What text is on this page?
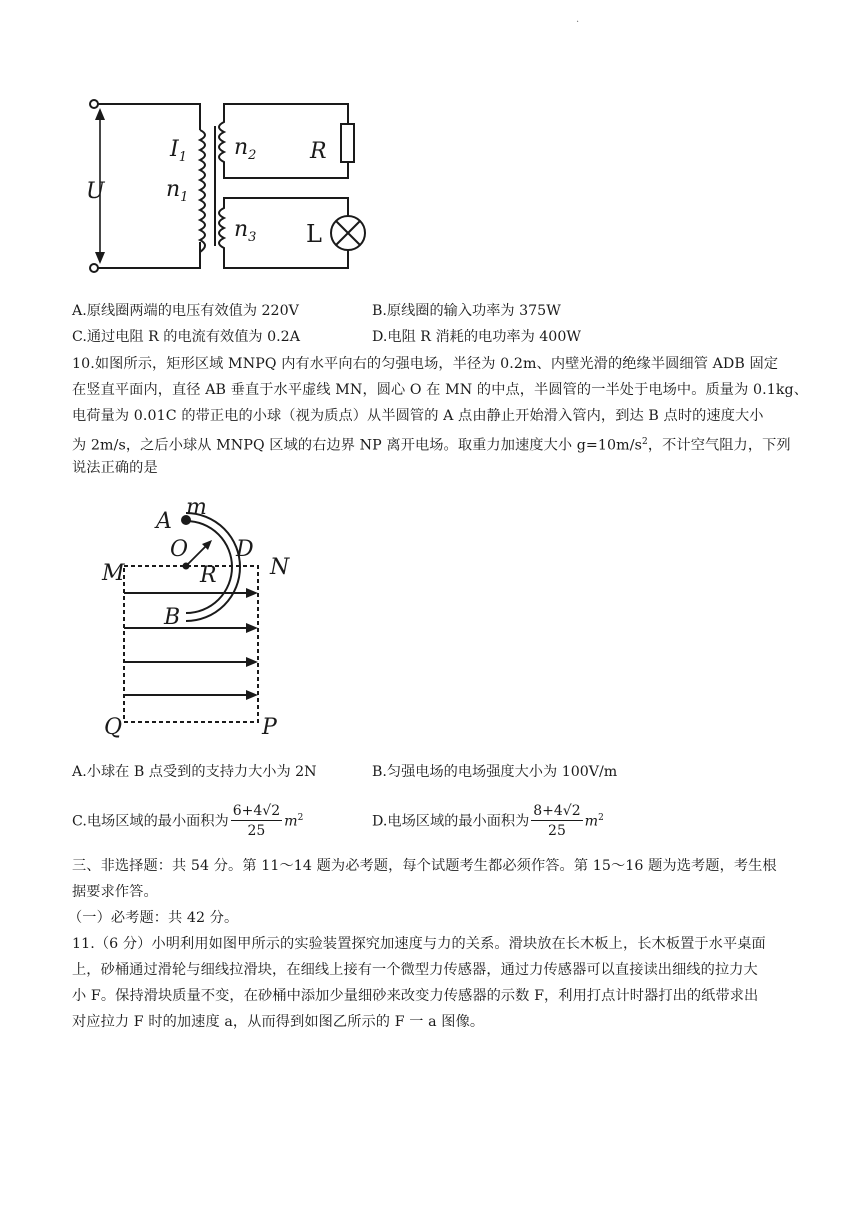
.
$I_1$
$n_1$
$n_2$
$n_3$
U
R
L
A.原线圈两端的电压有效值为 220V	B.原线圈的输入功率为 375W
C.通过电阻 R 的电流有效值为 0.2A	D.电阻 R 消耗的电功率为 400W
10.如图所示，矩形区域 MNPQ 内有水平向右的匀强电场，半径为 0.2m、内壁光滑的绝缘半圆细管 ADB 固定
在竖直平面内，直径 AB 垂直于水平虚线 MN，圆心 O 在 MN 的中点，半圆管的一半处于电场中。质量为 0.1kg、
电荷量为 0.01C 的带正电的小球（视为质点）从半圆管的 A 点由静止开始滑入管内，到达 B 点时的速度大小
为 2m/s，之后小球从 MNPQ 区域的右边界 NP 离开电场。取重力加速度大小 $g=10m/s^2$，不计空气阻力，下列
说法正确的是
A
m
O D
M	N
R
B
Q	P
A.小球在 B 点受到的支持力大小为 2N	B.匀强电场的电场强度大小为 100V/m
C.电场区域的最小面积为 $\frac{6+4√2}{25} m^2$	D.电场区域的最小面积为 $\frac{8+4√2}{25} m^2$
三、非选择题：共 54 分。第 11～14 题为必考题，每个试题考生都必须作答。第 15～16 题为选考题，考生根
据要求作答。
（一）必考题：共 42 分。
11.（6 分）小明利用如图甲所示的实验装置探究加速度与力的关系。滑块放在长木板上，长木板置于水平桌面
上，砂桶通过滑轮与细线拉滑块，在细线上接有一个微型力传感器，通过力传感器可以直接读出细线的拉力大
小 F。保持滑块质量不变，在砂桶中添加少量细砂来改变力传感器的示数 F，利用打点计时器打出的纸带求出
对应拉力 F 时的加速度 a，从而得到如图乙所示的 F 一 a 图像。
